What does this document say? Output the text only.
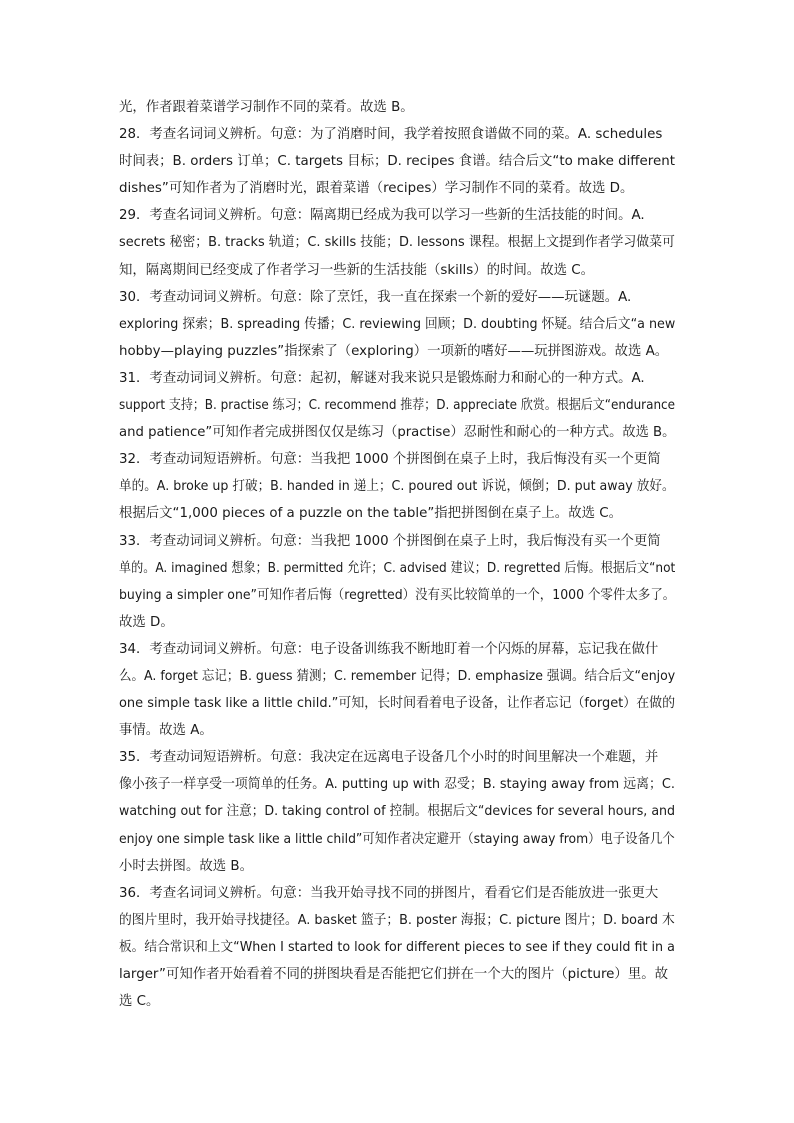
光，作者跟着菜谱学习制作不同的菜肴。故选 B。
28．考查名词词义辨析。句意：为了消磨时间，我学着按照食谱做不同的菜。A. schedules
时间表；B. orders 订单；C. targets 目标；D. recipes 食谱。结合后文“to make different
dishes”可知作者为了消磨时光，跟着菜谱（recipes）学习制作不同的菜肴。故选 D。
29．考查名词词义辨析。句意：隔离期已经成为我可以学习一些新的生活技能的时间。A.
secrets 秘密；B. tracks 轨道；C. skills 技能；D. lessons 课程。根据上文提到作者学习做菜可
知，隔离期间已经变成了作者学习一些新的生活技能（skills）的时间。故选 C。
30．考查动词词义辨析。句意：除了烹饪，我一直在探索一个新的爱好——玩谜题。A.
exploring 探索；B. spreading 传播；C. reviewing 回顾；D. doubting 怀疑。结合后文“a new
hobby—playing puzzles”指探索了（exploring）一项新的嗜好——玩拼图游戏。故选 A。
31．考查动词词义辨析。句意：起初，解谜对我来说只是锻炼耐力和耐心的一种方式。A.
support 支持；B. practise 练习；C. recommend 推荐；D. appreciate 欣赏。根据后文“endurance
and patience”可知作者完成拼图仅仅是练习（practise）忍耐性和耐心的一种方式。故选 B。
32．考查动词短语辨析。句意：当我把 1000 个拼图倒在桌子上时，我后悔没有买一个更简
单的。A. broke up 打破；B. handed in 递上；C. poured out 诉说，倾倒；D. put away 放好。
根据后文“1,000 pieces of a puzzle on the table”指把拼图倒在桌子上。故选 C。
33．考查动词词义辨析。句意：当我把 1000 个拼图倒在桌子上时，我后悔没有买一个更简
单的。A. imagined 想象；B. permitted 允许；C. advised 建议；D. regretted 后悔。根据后文“not
buying a simpler one”可知作者后悔（regretted）没有买比较简单的一个，1000 个零件太多了。
故选 D。
34．考查动词词义辨析。句意：电子设备训练我不断地盯着一个闪烁的屏幕，忘记我在做什
么。A. forget 忘记；B. guess 猜测；C. remember 记得；D. emphasize 强调。结合后文“enjoy
one simple task like a little child.”可知，长时间看着电子设备，让作者忘记（forget）在做的
事情。故选 A。
35．考查动词短语辨析。句意：我决定在远离电子设备几个小时的时间里解决一个难题，并
像小孩子一样享受一项简单的任务。A. putting up with 忍受；B. staying away from 远离；C.
watching out for 注意；D. taking control of 控制。根据后文“devices for several hours, and
enjoy one simple task like a little child”可知作者决定避开（staying away from）电子设备几个
小时去拼图。故选 B。
36．考查名词词义辨析。句意：当我开始寻找不同的拼图片，看看它们是否能放进一张更大
的图片里时，我开始寻找捷径。A. basket 篮子；B. poster 海报；C. picture 图片；D. board 木
板。结合常识和上文“When I started to look for different pieces to see if they could fit in a
larger”可知作者开始看着不同的拼图块看是否能把它们拼在一个大的图片（picture）里。故
选 C。
